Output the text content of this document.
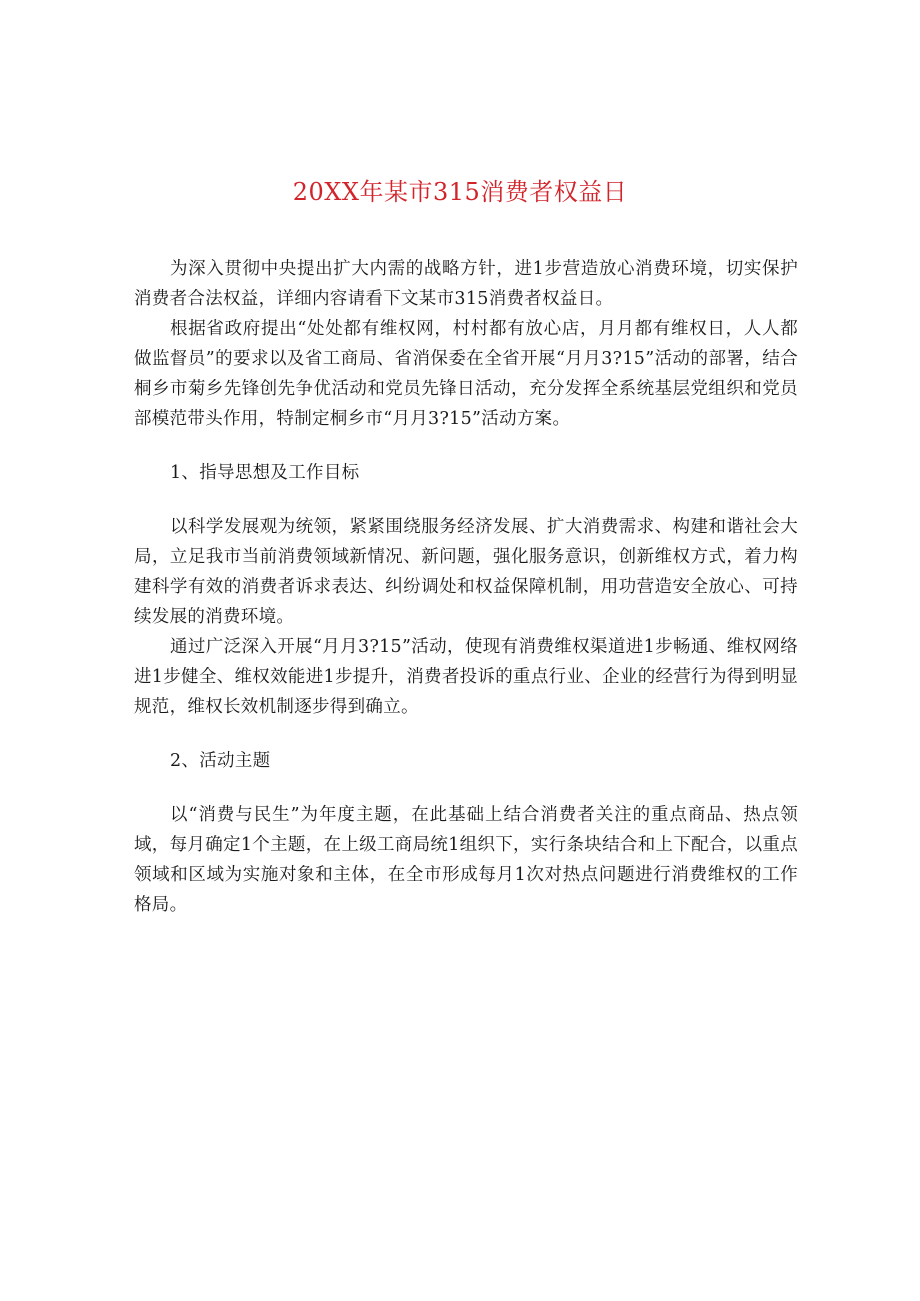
20XX年某市315消费者权益日

为深入贯彻中央提出扩大内需的战略方针，进1步营造放心消费环境，切实保护消费者合法权益，详细内容请看下文某市315消费者权益日。

根据省政府提出“处处都有维权网，村村都有放心店，月月都有维权日，人人都做监督员”的要求以及省工商局、省消保委在全省开展“月月3?15”活动的部署，结合桐乡市菊乡先锋创先争优活动和党员先锋日活动，充分发挥全系统基层党组织和党员部模范带头作用，特制定桐乡市“月月3?15”活动方案。

1、指导思想及工作目标

以科学发展观为统领，紧紧围绕服务经济发展、扩大消费需求、构建和谐社会大局，立足我市当前消费领域新情况、新问题，强化服务意识，创新维权方式，着力构建科学有效的消费者诉求表达、纠纷调处和权益保障机制，用功营造安全放心、可持续发展的消费环境。

通过广泛深入开展“月月3?15”活动，使现有消费维权渠道进1步畅通、维权网络进1步健全、维权效能进1步提升，消费者投诉的重点行业、企业的经营行为得到明显规范，维权长效机制逐步得到确立。

2、活动主题

以“消费与民生”为年度主题，在此基础上结合消费者关注的重点商品、热点领域，每月确定1个主题，在上级工商局统1组织下，实行条块结合和上下配合，以重点领域和区域为实施对象和主体，在全市形成每月1次对热点问题进行消费维权的工作格局。
